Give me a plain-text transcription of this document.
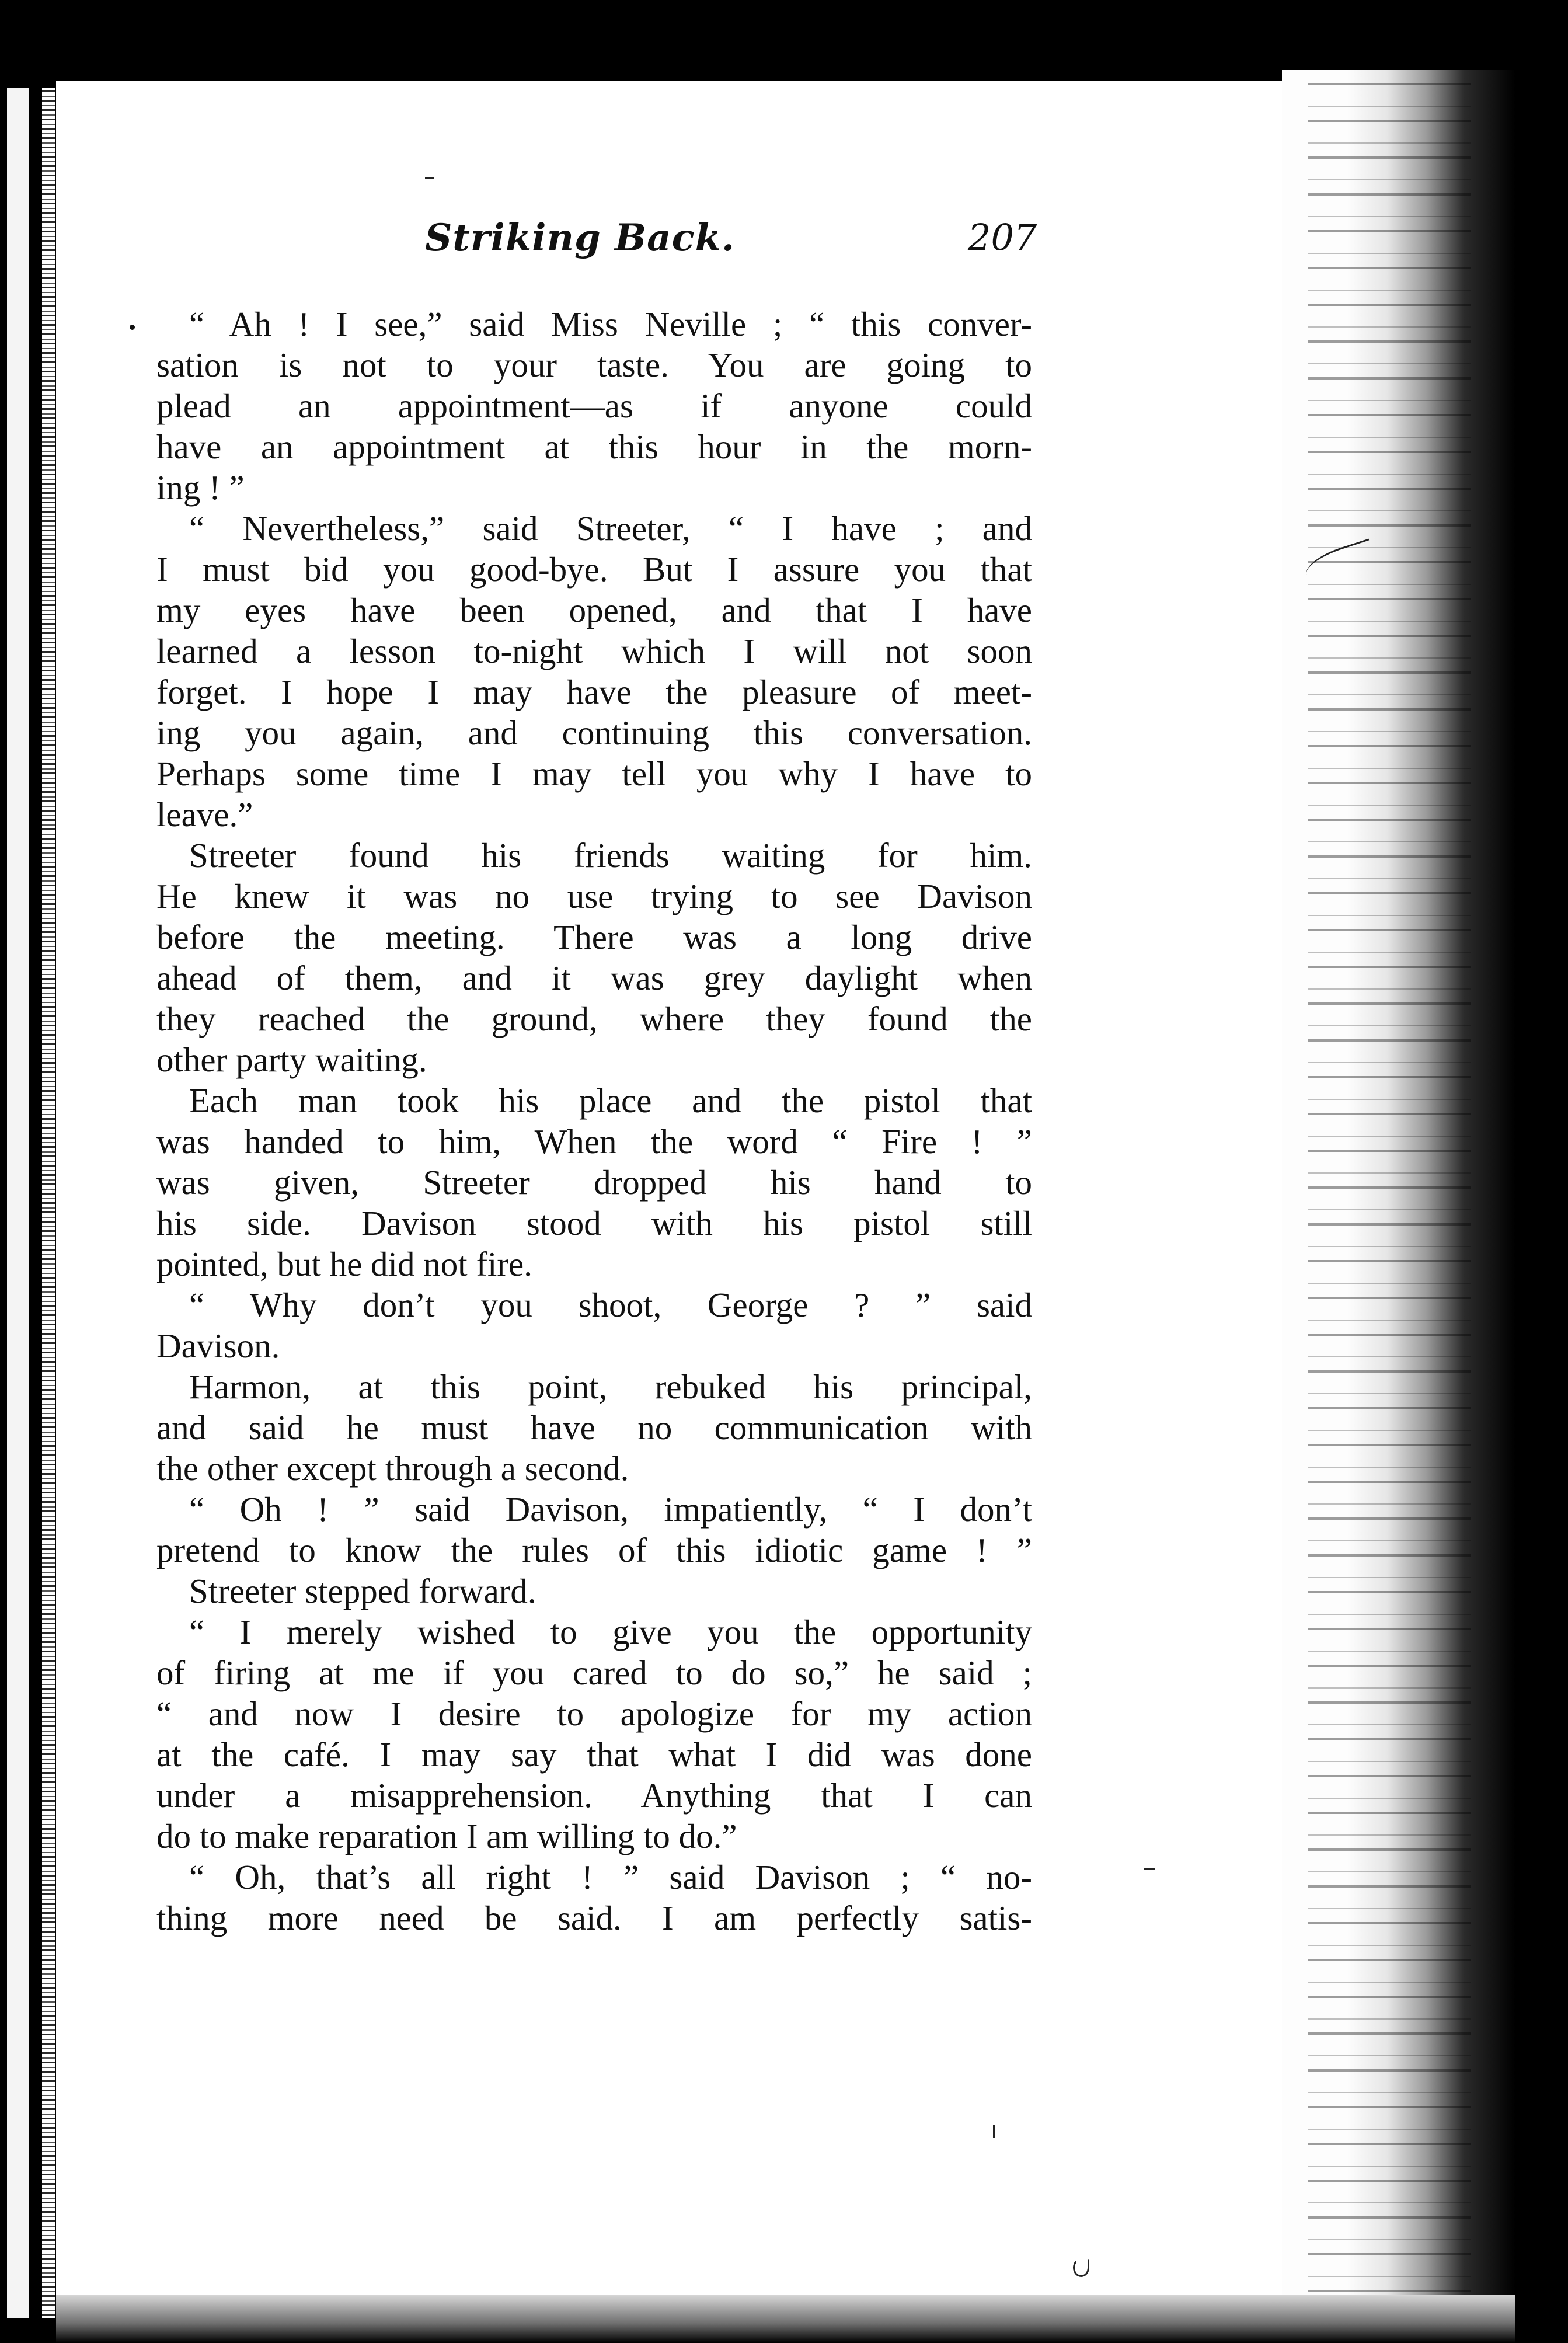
Striking Back.	207
“ Ah ! I see,” said Miss Neville ; “ this conver-
sation is not to your taste. You are going to
plead an appointment—as if anyone could
have an appointment at this hour in the morn-
ing ! ”
“ Nevertheless,” said Streeter, “ I have ; and
I must bid you good-bye. But I assure you that
my eyes have been opened, and that I have
learned a lesson to-night which I will not soon
forget. I hope I may have the pleasure of meet-
ing you again, and continuing this conversation.
Perhaps some time I may tell you why I have to
leave.”
Streeter found his friends waiting for him.
He knew it was no use trying to see Davison
before the meeting. There was a long drive
ahead of them, and it was grey daylight when
they reached the ground, where they found the
other party waiting.
Each man took his place and the pistol that
was handed to him, When the word “ Fire ! ”
was given, Streeter dropped his hand to
his side. Davison stood with his pistol still
pointed, but he did not fire.
“ Why don’t you shoot, George ? ” said
Davison.
Harmon, at this point, rebuked his principal,
and said he must have no communication with
the other except through a second.
“ Oh ! ” said Davison, impatiently, “ I don’t
pretend to know the rules of this idiotic game ! ”
Streeter stepped forward.
“ I merely wished to give you the opportunity
of firing at me if you cared to do so,” he said ;
“ and now I desire to apologize for my action
at the café. I may say that what I did was done
under a misapprehension. Anything that I can
do to make reparation I am willing to do.”
“ Oh, that’s all right ! ” said Davison ; “ no-
thing more need be said. I am perfectly satis-
